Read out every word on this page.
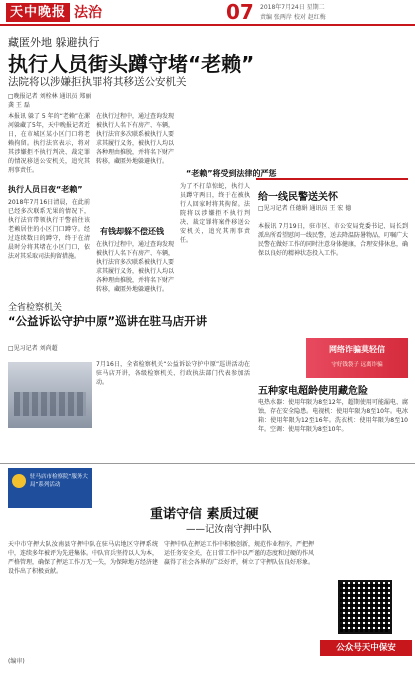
天中晚报 法治	07 2018年7月24日 星期二
责编 张两岸 校对 赵红梅
藏匿外地 躲避执行
执行人员街头蹲守堵“老赖”
法院将以涉嫌拒执罪将其移送公安机关
□晚报记者 刘栓林 通讯员 郑丽 龚 王 磊
本报讯 躲了 5 年的“老赖”在漯河躲藏了5年，天中晚报记者近日，在市城区某小区门口将老赖拘留。执行法官表示，将对其涉嫌拒不执行判决、裁定罪的情况移送公安机关，追究其刑事责任。
执行人员日夜“老赖”
2018年7月16日清晨，在此前已经多次联系无果的情况下，执行法官带领执行干警前往该老赖居住的小区门口蹲守。经过连续数日的蹲守，终于在清晨时分将其堵在小区门口，依法对其采取司法拘留措施。
在执行过程中，通过查询发现被执行人名下有房产、车辆，执行法官多次联系被执行人要求其履行义务，被执行人均以各种理由推脱，并将名下财产转移，藏匿外地躲避执行。
有钱却躲不偿还钱
在执行过程中，通过查询发现被执行人名下有房产、车辆，执行法官多次联系被执行人要求其履行义务，被执行人均以各种理由推脱，并将名下财产转移，藏匿外地躲避执行。
“老赖”将受到法律的严惩
为了不打草惊蛇，执行人员蹲守两日，终于在被执行人回家时将其拘留。法院将以涉嫌拒不执行判决、裁定罪将案件移送公安机关，追究其刑事责任。
给一线民警送关怀
□见习记者 任德娟 通讯员 王 宏 德
本报讯 7月19日，驻市区、市公安局党委书记、局长到派出所看望慰问一线民警，送去降温防暑物品，叮嘱广大民警在做好工作的同时注意身体健康，合理安排休息，确保以良好的精神状态投入工作。
网络诈骗莫轻信
守好钱袋子 远离诈骗
五种家电超龄使用藏危险
电热水器：使用年限为8至12年，超期使用可能漏电、腐蚀，存在安全隐患。电视机：使用年限为8至10年。电冰箱：使用年限为12至16年。洗衣机：使用年限为8至10年。空调：使用年限为8至10年。
全省检察机关
“公益诉讼守护中原”巡讲在驻马店开讲
□见习记者 刘尚超
7月16日，全省检察机关“公益诉讼守护中原”巡讲活动在驻马店开讲，各级检察机关、行政执法部门代表参加活动。
驻马店市检察院“服务大局”系列活动
重诺守信 素质过硬
——记汝南守押中队
天中市守押大队汝南县守押中队在驻马店地区守押系统中，连续多年被评为先进集体。中队官兵坚持以人为本，严格管理，确保了押运工作万无一失，为保障地方经济建设作出了积极贡献。
守押中队在押运工作中积极创新，规范作业程序，严把押运任务安全关，在日常工作中以严谨的态度和过硬的作风赢得了社会各界的广泛好评，树立了守押队伍良好形象。
公众号天中保安
(编审)
